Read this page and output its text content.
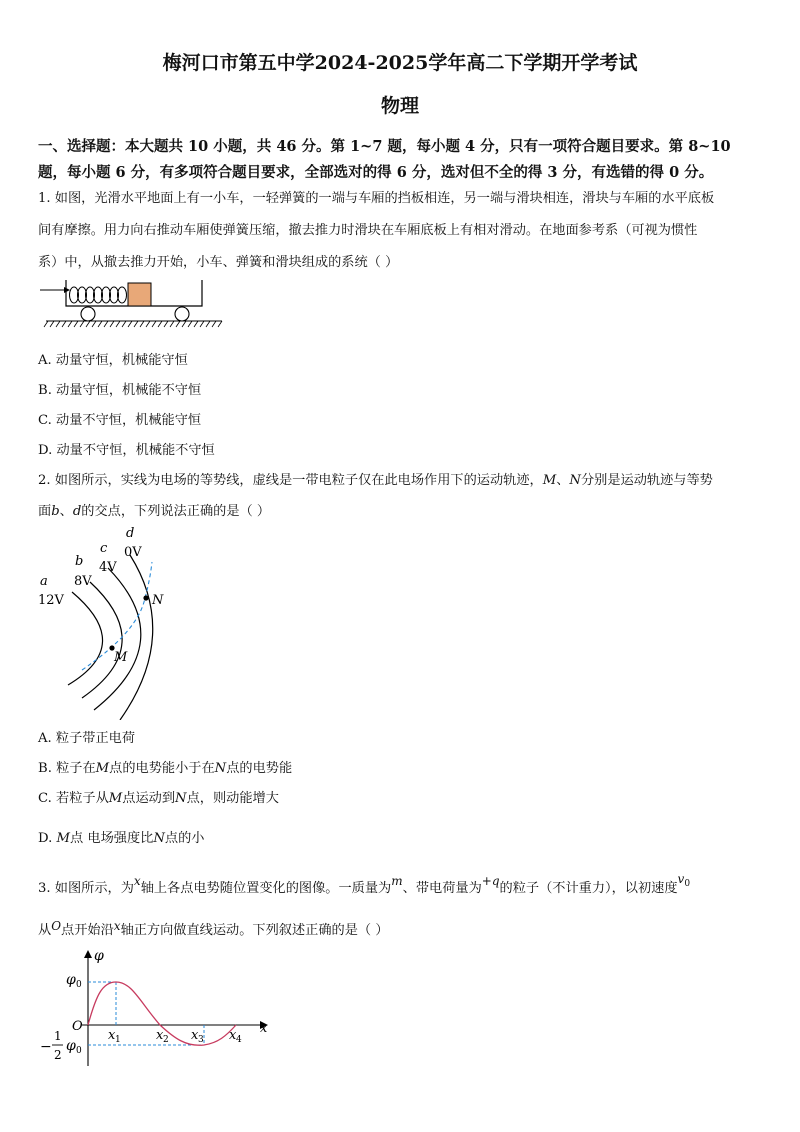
梅河口市第五中学2024-2025学年高二下学期开学考试
物理
一、选择题：本大题共 10 小题，共 46 分。第 1~7 题，每小题 4 分，只有一项符合题目要求。第 8~10
题，每小题 6 分，有多项符合题目要求，全部选对的得 6 分，选对但不全的得 3 分，有选错的得 0 分。
1. 如图，光滑水平地面上有一小车，一轻弹簧的一端与车厢的挡板相连，另一端与滑块相连，滑块与车厢的水平底板
间有摩擦。用力向右推动车厢使弹簧压缩，撤去推力时滑块在车厢底板上有相对滑动。在地面参考系（可视为惯性
系）中，从撤去推力开始，小车、弹簧和滑块组成的系统（ ）
A. 动量守恒，机械能守恒
B. 动量守恒，机械能不守恒
C. 动量不守恒，机械能守恒
D. 动量不守恒，机械能不守恒
2. 如图所示，实线为电场的等势线，虚线是一带电粒子仅在此电场作用下的运动轨迹，M、N分别是运动轨迹与等势
面b、d的交点，下列说法正确的是（ ）
a
b
c
d
12V
8V
4V
0V
M
N
A. 粒子带正电荷
B. 粒子在M点的电势能小于在N点的电势能
C. 若粒子从M点运动到N点，则动能增大
D. M点 电场强度比N点的小
3. 如图所示，为x轴上各点电势随位置变化的图像。一质量为m、带电荷量为+q的粒子（不计重力），以初速度$v^0$
从O点开始沿x轴正方向做直线运动。下列叙述正确的是（ ）
φ
x
O
φ 0
−
1
2
φ 0
x 1	x 2 x 3 x 4
